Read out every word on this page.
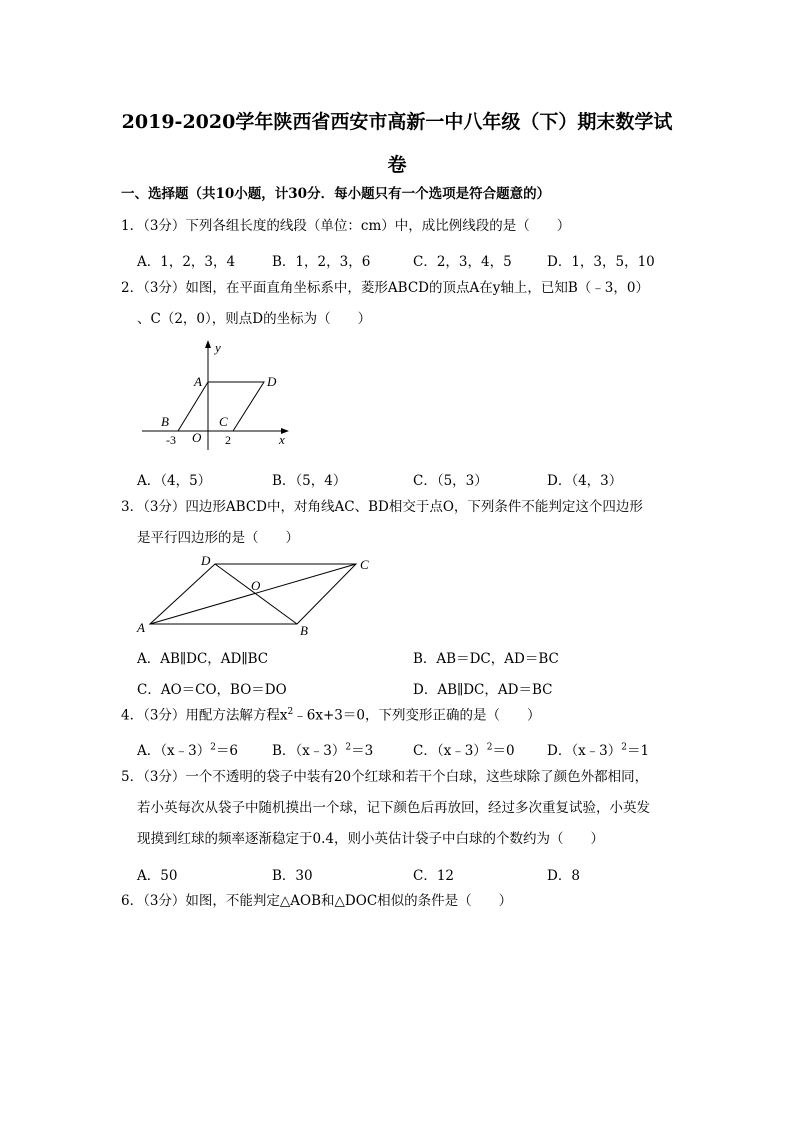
2019-2020学年陕西省西安市高新一中八年级（下）期末数学试
卷
一、选择题（共10小题，计30分．每小题只有一个选项是符合题意的）
1．（3分）下列各组长度的线段（单位：cm）中，成比例线段的是（　　）
A．1，2，3，4	B．1，2，3，6	C．2，3，4，5	D．1，3，5，10
2．（3分）如图，在平面直角坐标系中，菱形ABCD的顶点A在y轴上，已知B（﹣3，0）
、C（2，0），则点D的坐标为（　　）
y
A	D
B	C
-3 O 2	x
A．（4，5）	B．（5，4）	C．（5，3）	D．（4，3）
3．（3分）四边形ABCD中，对角线AC、BD相交于点O，下列条件不能判定这个四边形
是平行四边形的是（　　）
D	C
O
A	B
A．AB∥DC，AD∥BC	B．AB＝DC，AD＝BC
C．AO＝CO，BO＝DO	D．AB∥DC，AD＝BC
4．（3分）用配方法解方程$x^2﹣6x+3=0$，下列变形正确的是（　　）
A．（x﹣3）$^2$＝6	B．（x﹣3）$^2$＝3	C．（x﹣3）$^2$＝0 D．（x﹣3）$^2$＝1
5．（3分）一个不透明的袋子中装有20个红球和若干个白球，这些球除了颜色外都相同，
若小英每次从袋子中随机摸出一个球，记下颜色后再放回，经过多次重复试验，小英发
现摸到红球的频率逐渐稳定于0.4，则小英估计袋子中白球的个数约为（　　）
A．50	B．30	C．12	D．8
6．（3分）如图，不能判定△AOB和△DOC相似的条件是（　　）
